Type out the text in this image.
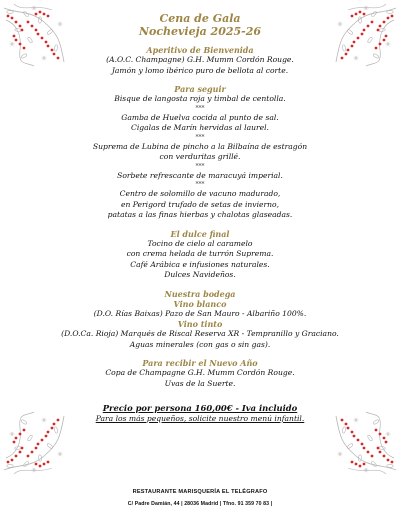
Cena de Gala

Nochevieja 2025-26

Aperitivo de Bienvenida

(A.O.C. Champagne) G.H. Mumm Cordón Rouge.

Jamón y lomo ibérico puro de bellota al corte.

Para seguir

Bisque de langosta roja y timbal de centolla.

***

Gamba de Huelva cocida al punto de sal.

Cigalas de Marín hervidas al laurel.

***

Suprema de Lubina de pincho a la Bilbaína de estragón

con verduritas grillé.

***

Sorbete refrescante de maracuyá imperial.

***

Centro de solomillo de vacuno madurado,

en Perigord trufado de setas de invierno,

patatas a las finas hierbas y chalotas glaseadas.

El dulce final

Tocino de cielo al caramelo

con crema helada de turrón Suprema.

Café Arábica e infusiones naturales.

Dulces Navideños.

Nuestra bodega

Vino blanco

(D.O. Rías Baixas) Pazo de San Mauro - Albariño 100%.

Vino tinto

(D.O.Ca. Rioja) Marqués de Riscal Reserva XR - Tempranillo y Graciano.

Aguas minerales (con gas o sin gas).

Para recibir el Nuevo Año

Copa de Champagne G.H. Mumm Cordón Rouge.

Uvas de la Suerte.

Precio por persona 160,00€ - Iva incluido

Para los más pequeños, solicite nuestro menú infantil.

RESTAURANTE MARISQUERÍA EL TELÉGRAFO
C/ Padre Damián, 44 | 28036 Madrid | Tfno. 91 359 70 83 |
